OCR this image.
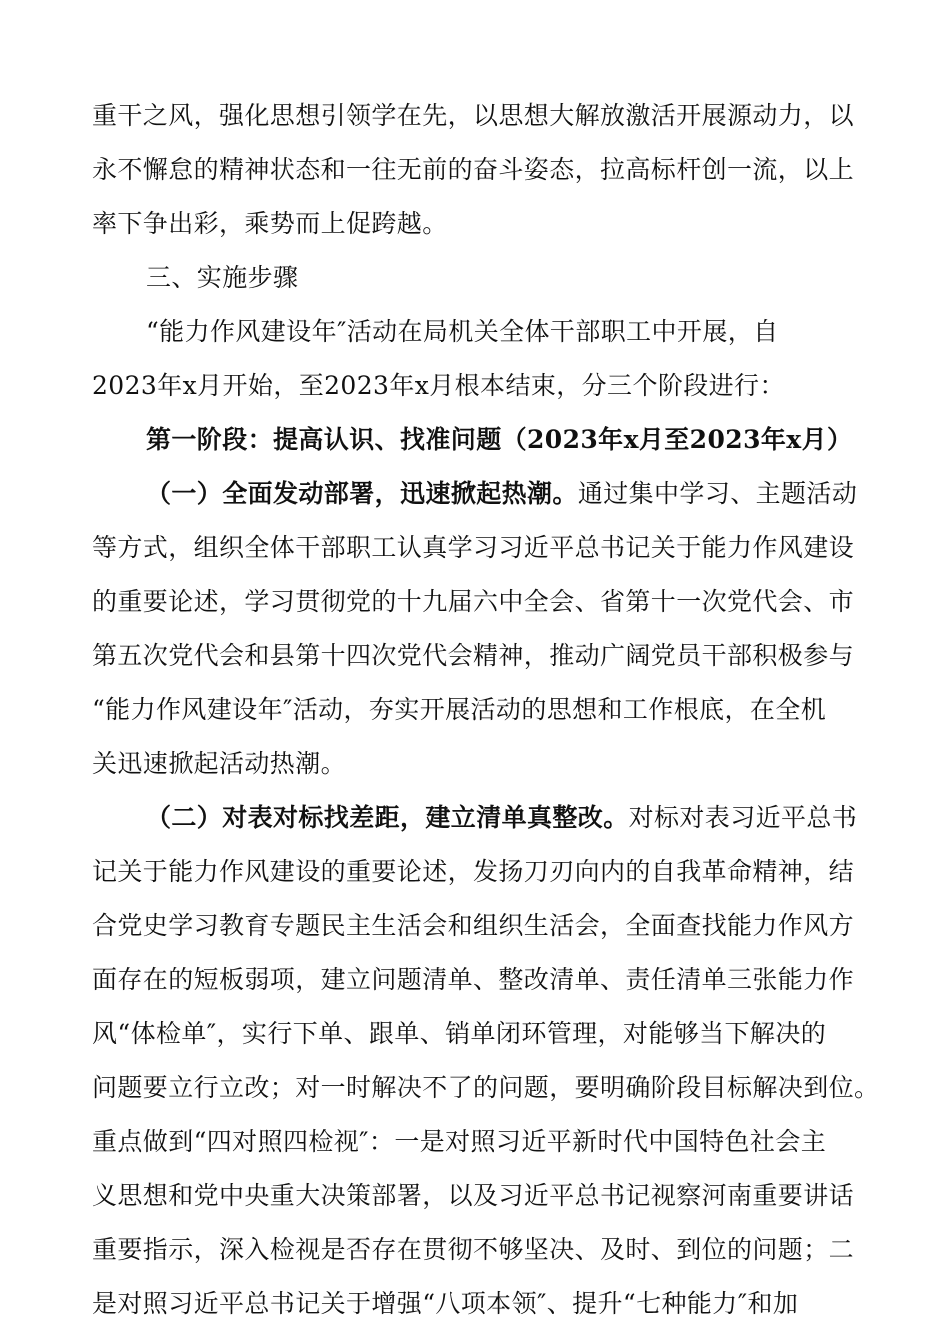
重干之风，强化思想引领学在先，以思想大解放激活开展源动力，以
永不懈怠的精神状态和一往无前的奋斗姿态，拉高标杆创一流，以上
率下争出彩，乘势而上促跨越。
三、实施步骤
“能力作风建设年″活动在局机关全体干部职工中开展，自
2023年x月开始，至2023年x月根本结束，分三个阶段进行：
第一阶段：提高认识、找准问题（2023年x月至2023年x月）
（一）全面发动部署，迅速掀起热潮。通过集中学习、主题活动
等方式，组织全体干部职工认真学习习近平总书记关于能力作风建设
的重要论述，学习贯彻党的十九届六中全会、省第十一次党代会、市
第五次党代会和县第十四次党代会精神，推动广阔党员干部积极参与
“能力作风建设年″活动，夯实开展活动的思想和工作根底，在全机
关迅速掀起活动热潮。
（二）对表对标找差距，建立清单真整改。对标对表习近平总书
记关于能力作风建设的重要论述，发扬刀刃向内的自我革命精神，结
合党史学习教育专题民主生活会和组织生活会，全面查找能力作风方
面存在的短板弱项，建立问题清单、整改清单、责任清单三张能力作
风“体检单″，实行下单、跟单、销单闭环管理，对能够当下解决的
问题要立行立改；对一时解决不了的问题，要明确阶段目标解决到位。
重点做到“四对照四检视″：一是对照习近平新时代中国特色社会主
义思想和党中央重大决策部署，以及习近平总书记视察河南重要讲话
重要指示，深入检视是否存在贯彻不够坚决、及时、到位的问题；二
是对照习近平总书记关于增强“八项本领″、提升“七种能力″和加
